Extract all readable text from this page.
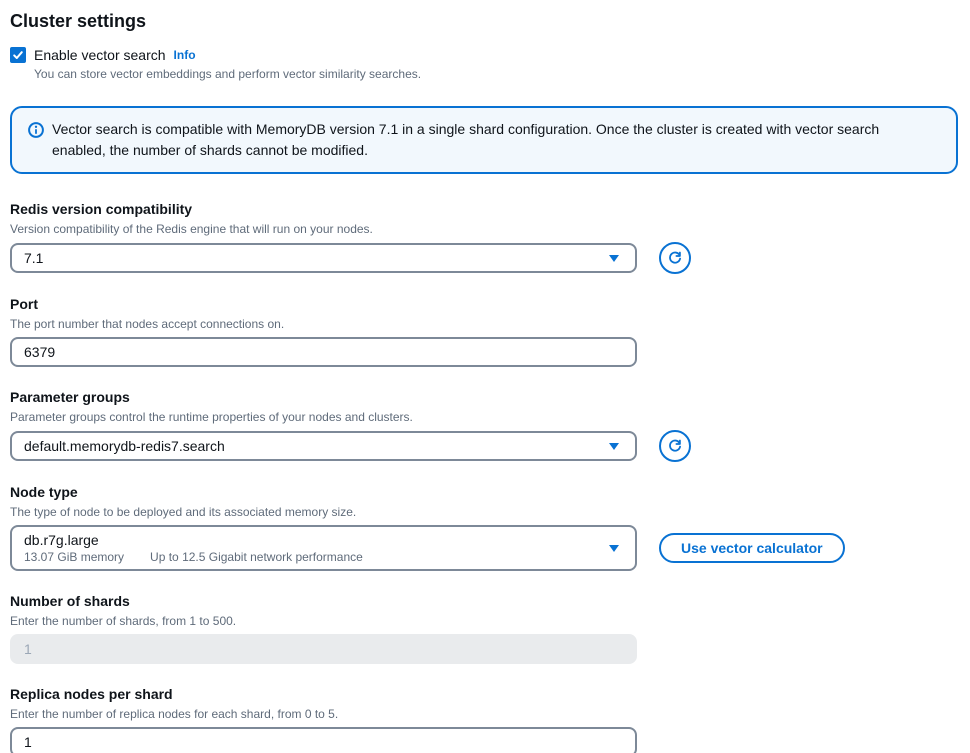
Cluster settings
Enable vector search Info
You can store vector embeddings and perform vector similarity searches.

Vector search is compatible with MemoryDB version 7.1 in a single shard configuration. Once the cluster is created with vector search enabled, the number of shards cannot be modified.

Redis version compatibility
Version compatibility of the Redis engine that will run on your nodes.
7.1
Port
The port number that nodes accept connections on.
6379
Parameter groups
Parameter groups control the runtime properties of your nodes and clusters.
default.memorydb-redis7.search
Node type
The type of node to be deployed and its associated memory size.
db.r7g.large
13.07 GiB memory Up to 12.5 Gigabit network performance
Use vector calculator
Number of shards
Enter the number of shards, from 1 to 500.
1
Replica nodes per shard
Enter the number of replica nodes for each shard, from 0 to 5.
1
